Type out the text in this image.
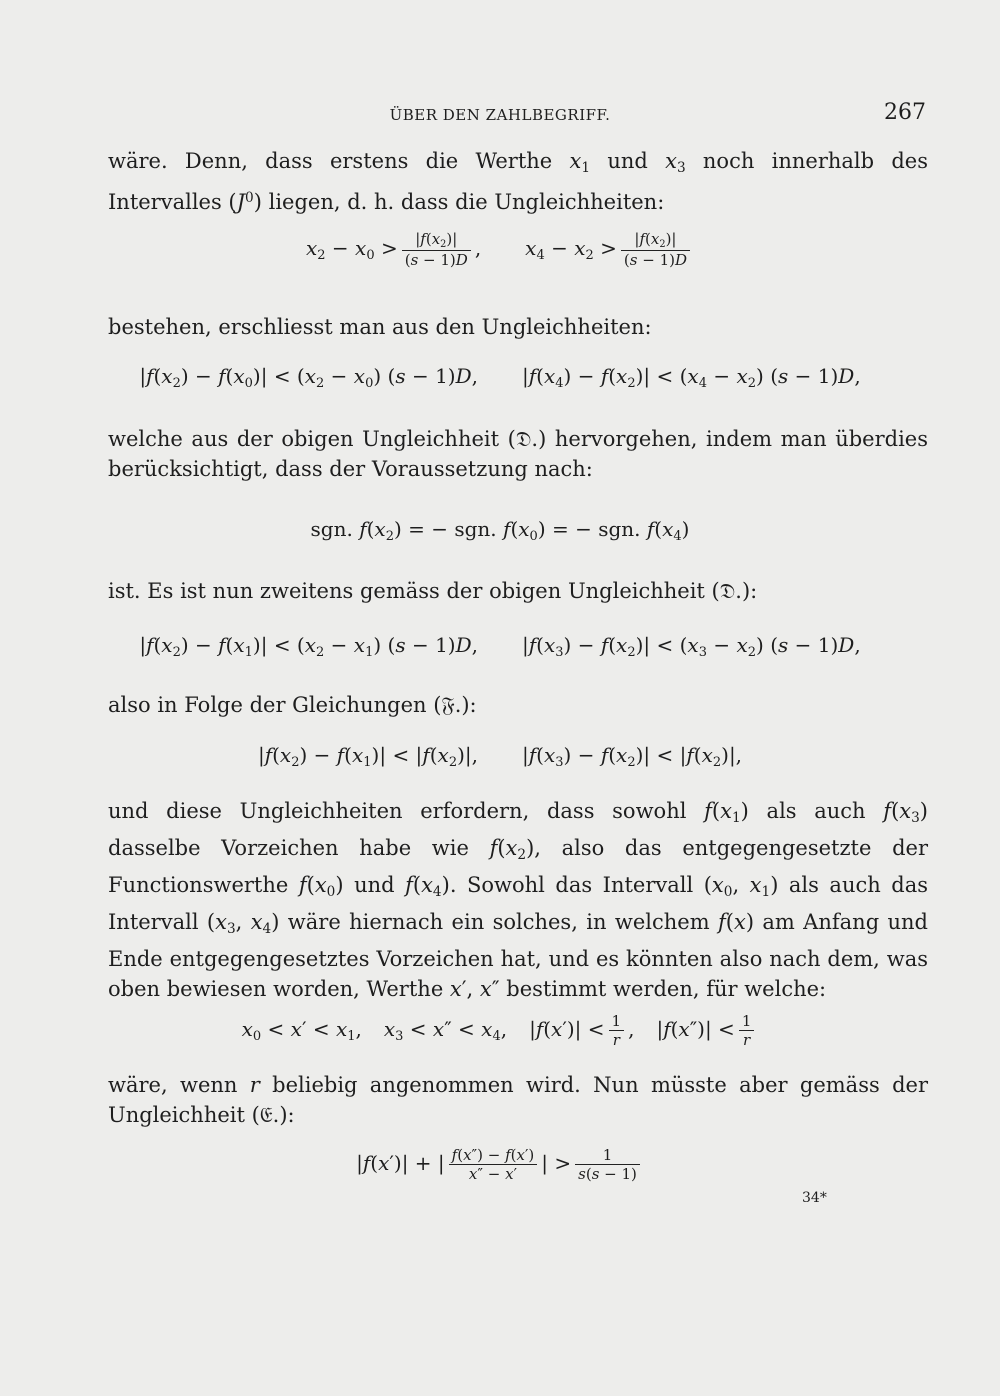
ÜBER DEN ZAHLBEGRIFF.	267
wäre. Denn, dass erstens die Werthe $x_1$ und $x_3$ noch innerhalb des Intervalles $(J^0)$ liegen, d. h. dass die Ungleichheiten:
$x_2 - x_0 > \frac{|f(x_2)|}{(s - 1)D}$ , $x_4 - x_2 > \frac{|f(x_2)|}{(s - 1)D}$
bestehen, erschliesst man aus den Ungleichheiten:
$|f(x_2) - f(x_0)| < (x_2 - x_0) (s - 1)D$, $|f(x_4) - f(x_2)| < (x_4 - x_2) (s - 1)D$,
welche aus der obigen Ungleichheit (𝔇.) hervorgehen, indem man überdies berücksichtigt, dass der Voraussetzung nach:
sgn. $f(x_2)$ = − sgn. $f(x_0)$ = − sgn. $f(x_4)$
ist. Es ist nun zweitens gemäss der obigen Ungleichheit (𝔇.):
$|f(x_2) - f(x_1)| < (x_2 - x_1) (s - 1)D$, $|f(x_3) - f(x_2)| < (x_3 - x_2) (s - 1)D$,
also in Folge der Gleichungen (𝔉.):
$|f(x_2) - f(x_1)| < |f(x_2)|$, $|f(x_3) - f(x_2)| < |f(x_2)|$,
und diese Ungleichheiten erfordern, dass sowohl $f(x_1)$ als auch $f(x_3)$ dasselbe Vorzeichen habe wie $f(x_2)$, also das entgegengesetzte der Functionswerthe $f(x_0)$ und $f(x_4)$. Sowohl das Intervall ($x_0$, $x_1$) als auch das Intervall ($x_3$, $x_4$) wäre hiernach ein solches, in welchem f(x) am Anfang und Ende entgegengesetztes Vorzeichen hat, und es könnten also nach dem, was oben bewiesen worden, Werthe x′, x″ bestimmt werden, für welche:
$x_0 < x' < x_1$, $x_3 < x'' < x_4$, $|f(x')| < \frac{1}{r}$ , $|f(x'')| < \frac{1}{r}$
wäre, wenn r beliebig angenommen wird. Nun müsste aber gemäss der Ungleichheit (𝔈.):
|f(x′)| + | $\frac{f(x'') - f(x')}{x'' - x'}$ | > $\frac{1}{s(s - 1)}$
34*
